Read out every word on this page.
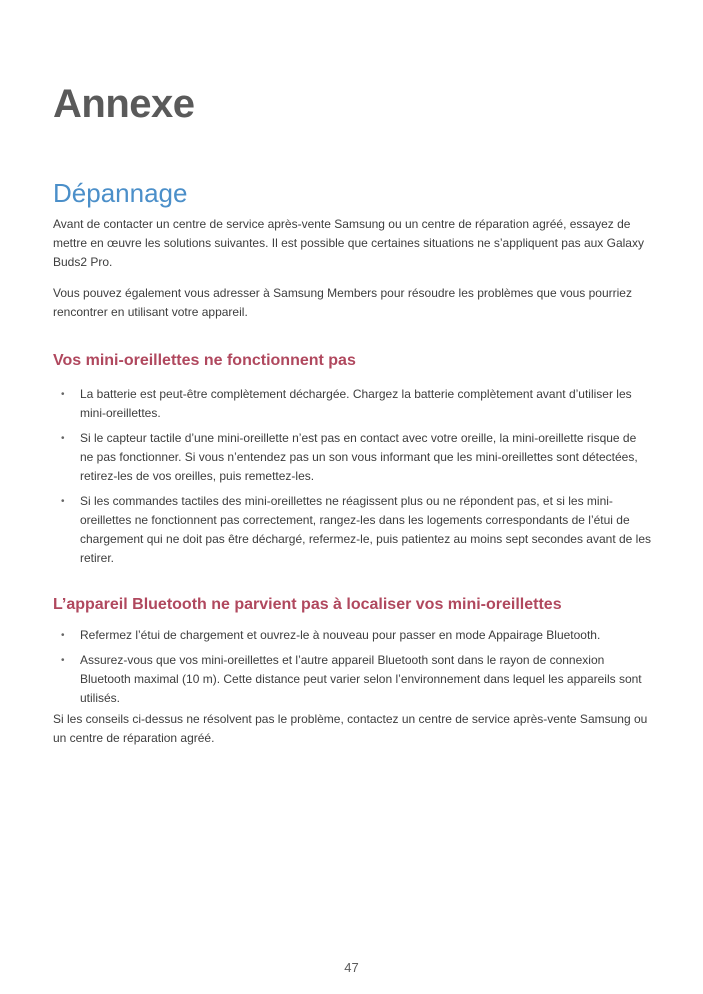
Annexe
Dépannage

Avant de contacter un centre de service après-vente Samsung ou un centre de réparation agréé, essayez de mettre en œuvre les solutions suivantes. Il est possible que certaines situations ne s’appliquent pas aux Galaxy Buds2 Pro.

Vous pouvez également vous adresser à Samsung Members pour résoudre les problèmes que vous pourriez rencontrer en utilisant votre appareil.

Vos mini-oreillettes ne fonctionnent pas
• La batterie est peut-être complètement déchargée. Chargez la batterie complètement avant d’utiliser les mini-oreillettes.
• Si le capteur tactile d’une mini-oreillette n’est pas en contact avec votre oreille, la mini-oreillette risque de ne pas fonctionner. Si vous n’entendez pas un son vous informant que les mini-oreillettes sont détectées, retirez-les de vos oreilles, puis remettez-les.
• Si les commandes tactiles des mini-oreillettes ne réagissent plus ou ne répondent pas, et si les mini-oreillettes ne fonctionnent pas correctement, rangez-les dans les logements correspondants de l’étui de chargement qui ne doit pas être déchargé, refermez-le, puis patientez au moins sept secondes avant de les retirer.
L’appareil Bluetooth ne parvient pas à localiser vos mini-oreillettes
• Refermez l’étui de chargement et ouvrez-le à nouveau pour passer en mode Appairage Bluetooth.
• Assurez-vous que vos mini-oreillettes et l’autre appareil Bluetooth sont dans le rayon de connexion Bluetooth maximal (10 m). Cette distance peut varier selon l’environnement dans lequel les appareils sont utilisés.

Si les conseils ci-dessus ne résolvent pas le problème, contactez un centre de service après-vente Samsung ou un centre de réparation agréé.

47
